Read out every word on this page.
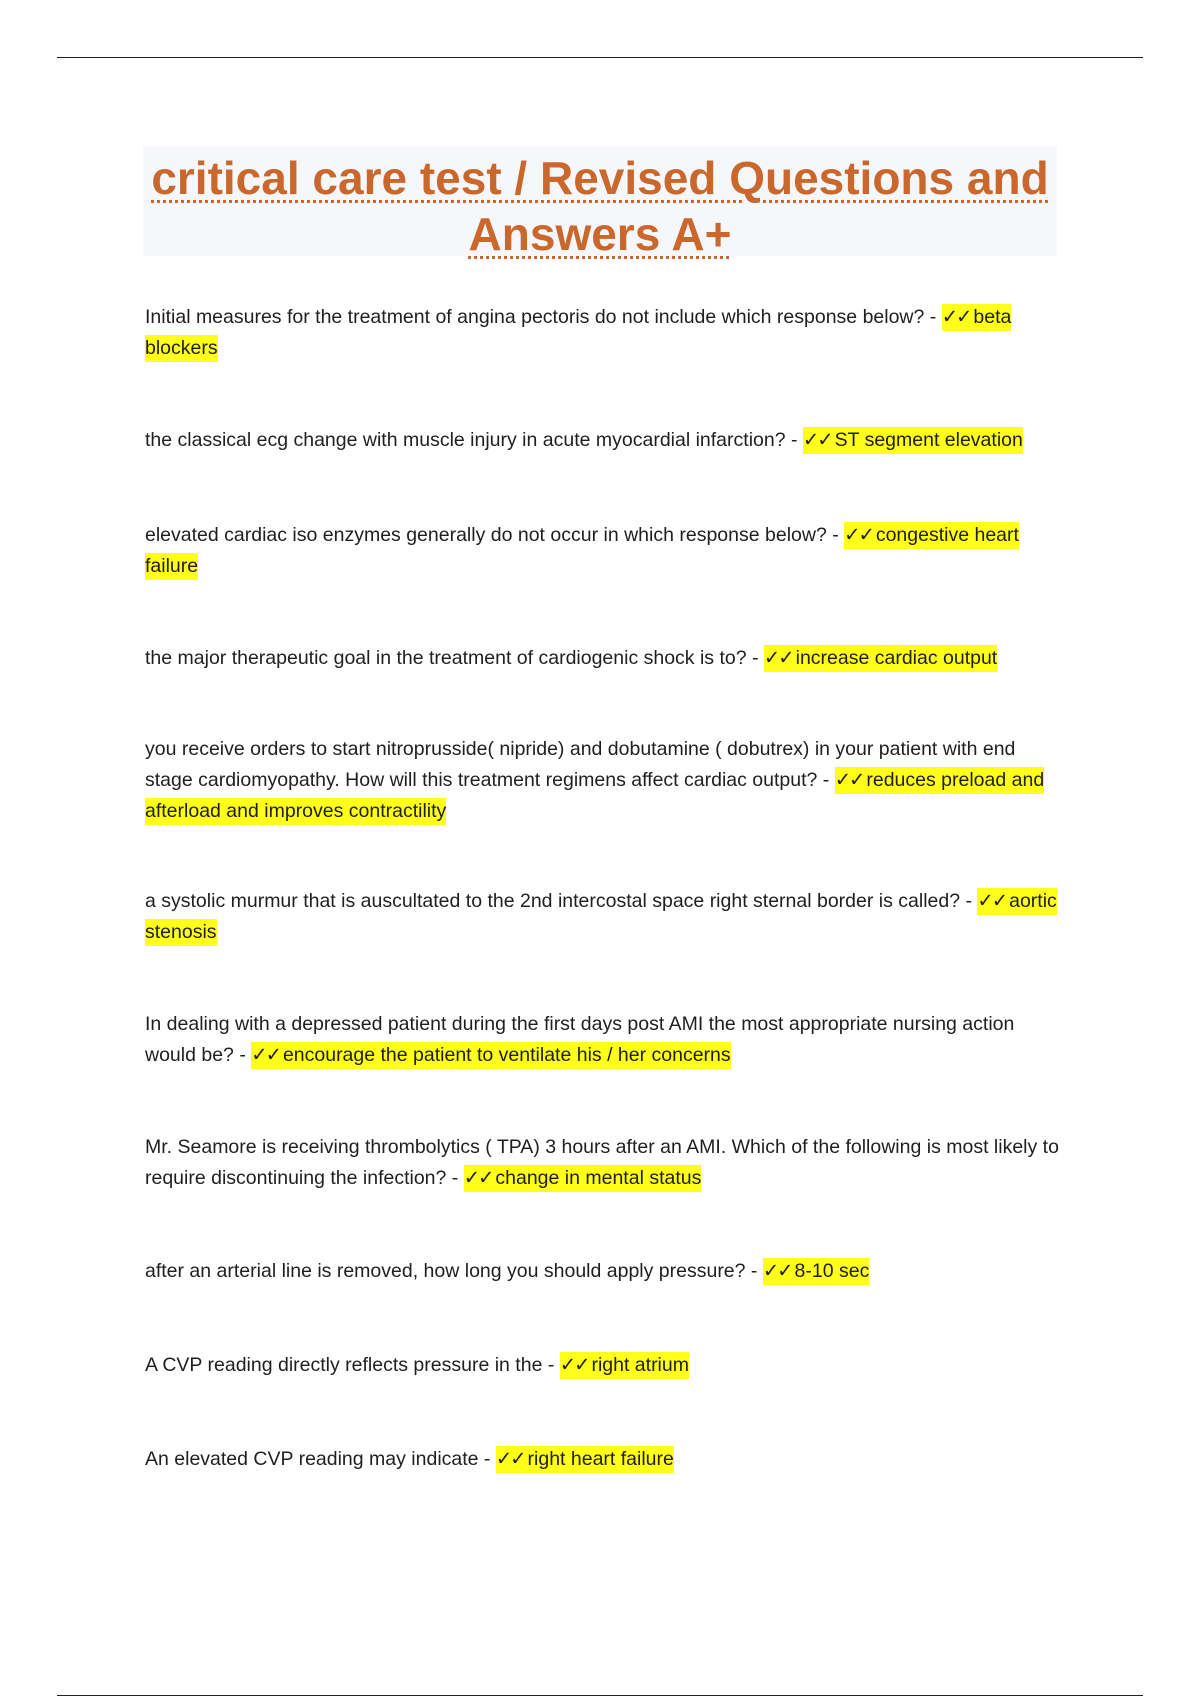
critical care test / Revised Questions and Answers A+

Initial measures for the treatment of angina pectoris do not include which response below? - ✓✓ beta blockers

the classical ecg change with muscle injury in acute myocardial infarction? - ✓✓ ST segment elevation

elevated cardiac iso enzymes generally do not occur in which response below? - ✓✓ congestive heart failure

the major therapeutic goal in the treatment of cardiogenic shock is to? - ✓✓ increase cardiac output

you receive orders to start nitroprusside( nipride) and dobutamine ( dobutrex) in your patient with end stage cardiomyopathy. How will this treatment regimens affect cardiac output? - ✓✓ reduces preload and afterload and improves contractility

a systolic murmur that is auscultated to the 2nd intercostal space right sternal border is called? - ✓✓ aortic stenosis

In dealing with a depressed patient during the first days post AMI the most appropriate nursing action would be? - ✓✓ encourage the patient to ventilate his / her concerns

Mr. Seamore is receiving thrombolytics ( TPA) 3 hours after an AMI. Which of the following is most likely to require discontinuing the infection? - ✓✓ change in mental status

after an arterial line is removed, how long you should apply pressure? - ✓✓ 8-10 sec

A CVP reading directly reflects pressure in the - ✓✓ right atrium

An elevated CVP reading may indicate - ✓✓ right heart failure
